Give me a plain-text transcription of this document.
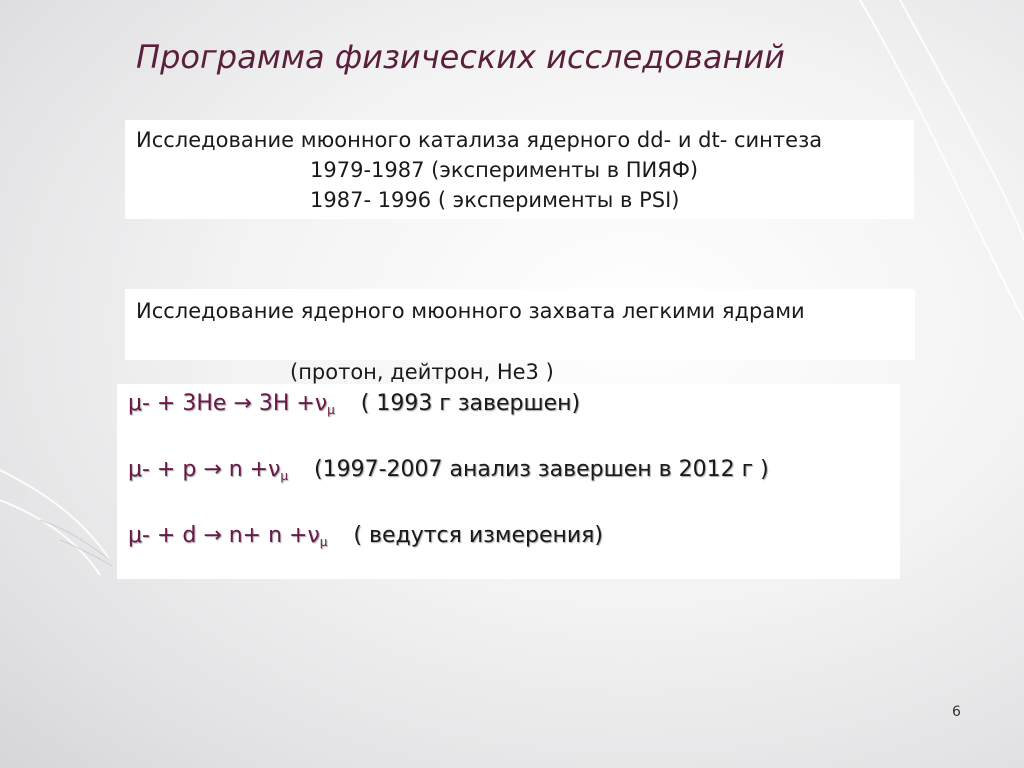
Программа физических исследований
Исследование мюонного катализа ядерного dd- и dt- синтеза
1979-1987 (эксперименты в ПИЯФ)
1987- 1996 ( эксперименты в PSI)
Исследование ядерного мюонного захвата легкими ядрами
(протон, дейтрон, He3 )
$\mu- + 3He \to 3H +\nu_\mu$ ( 1993 г завершен)
$\mu- + p \to n +\nu_\mu$ (1997-2007 анализ завершен в 2012 г )
$\mu- + d \to n+ n +\nu_\mu$ ( ведутся измерения)
6
